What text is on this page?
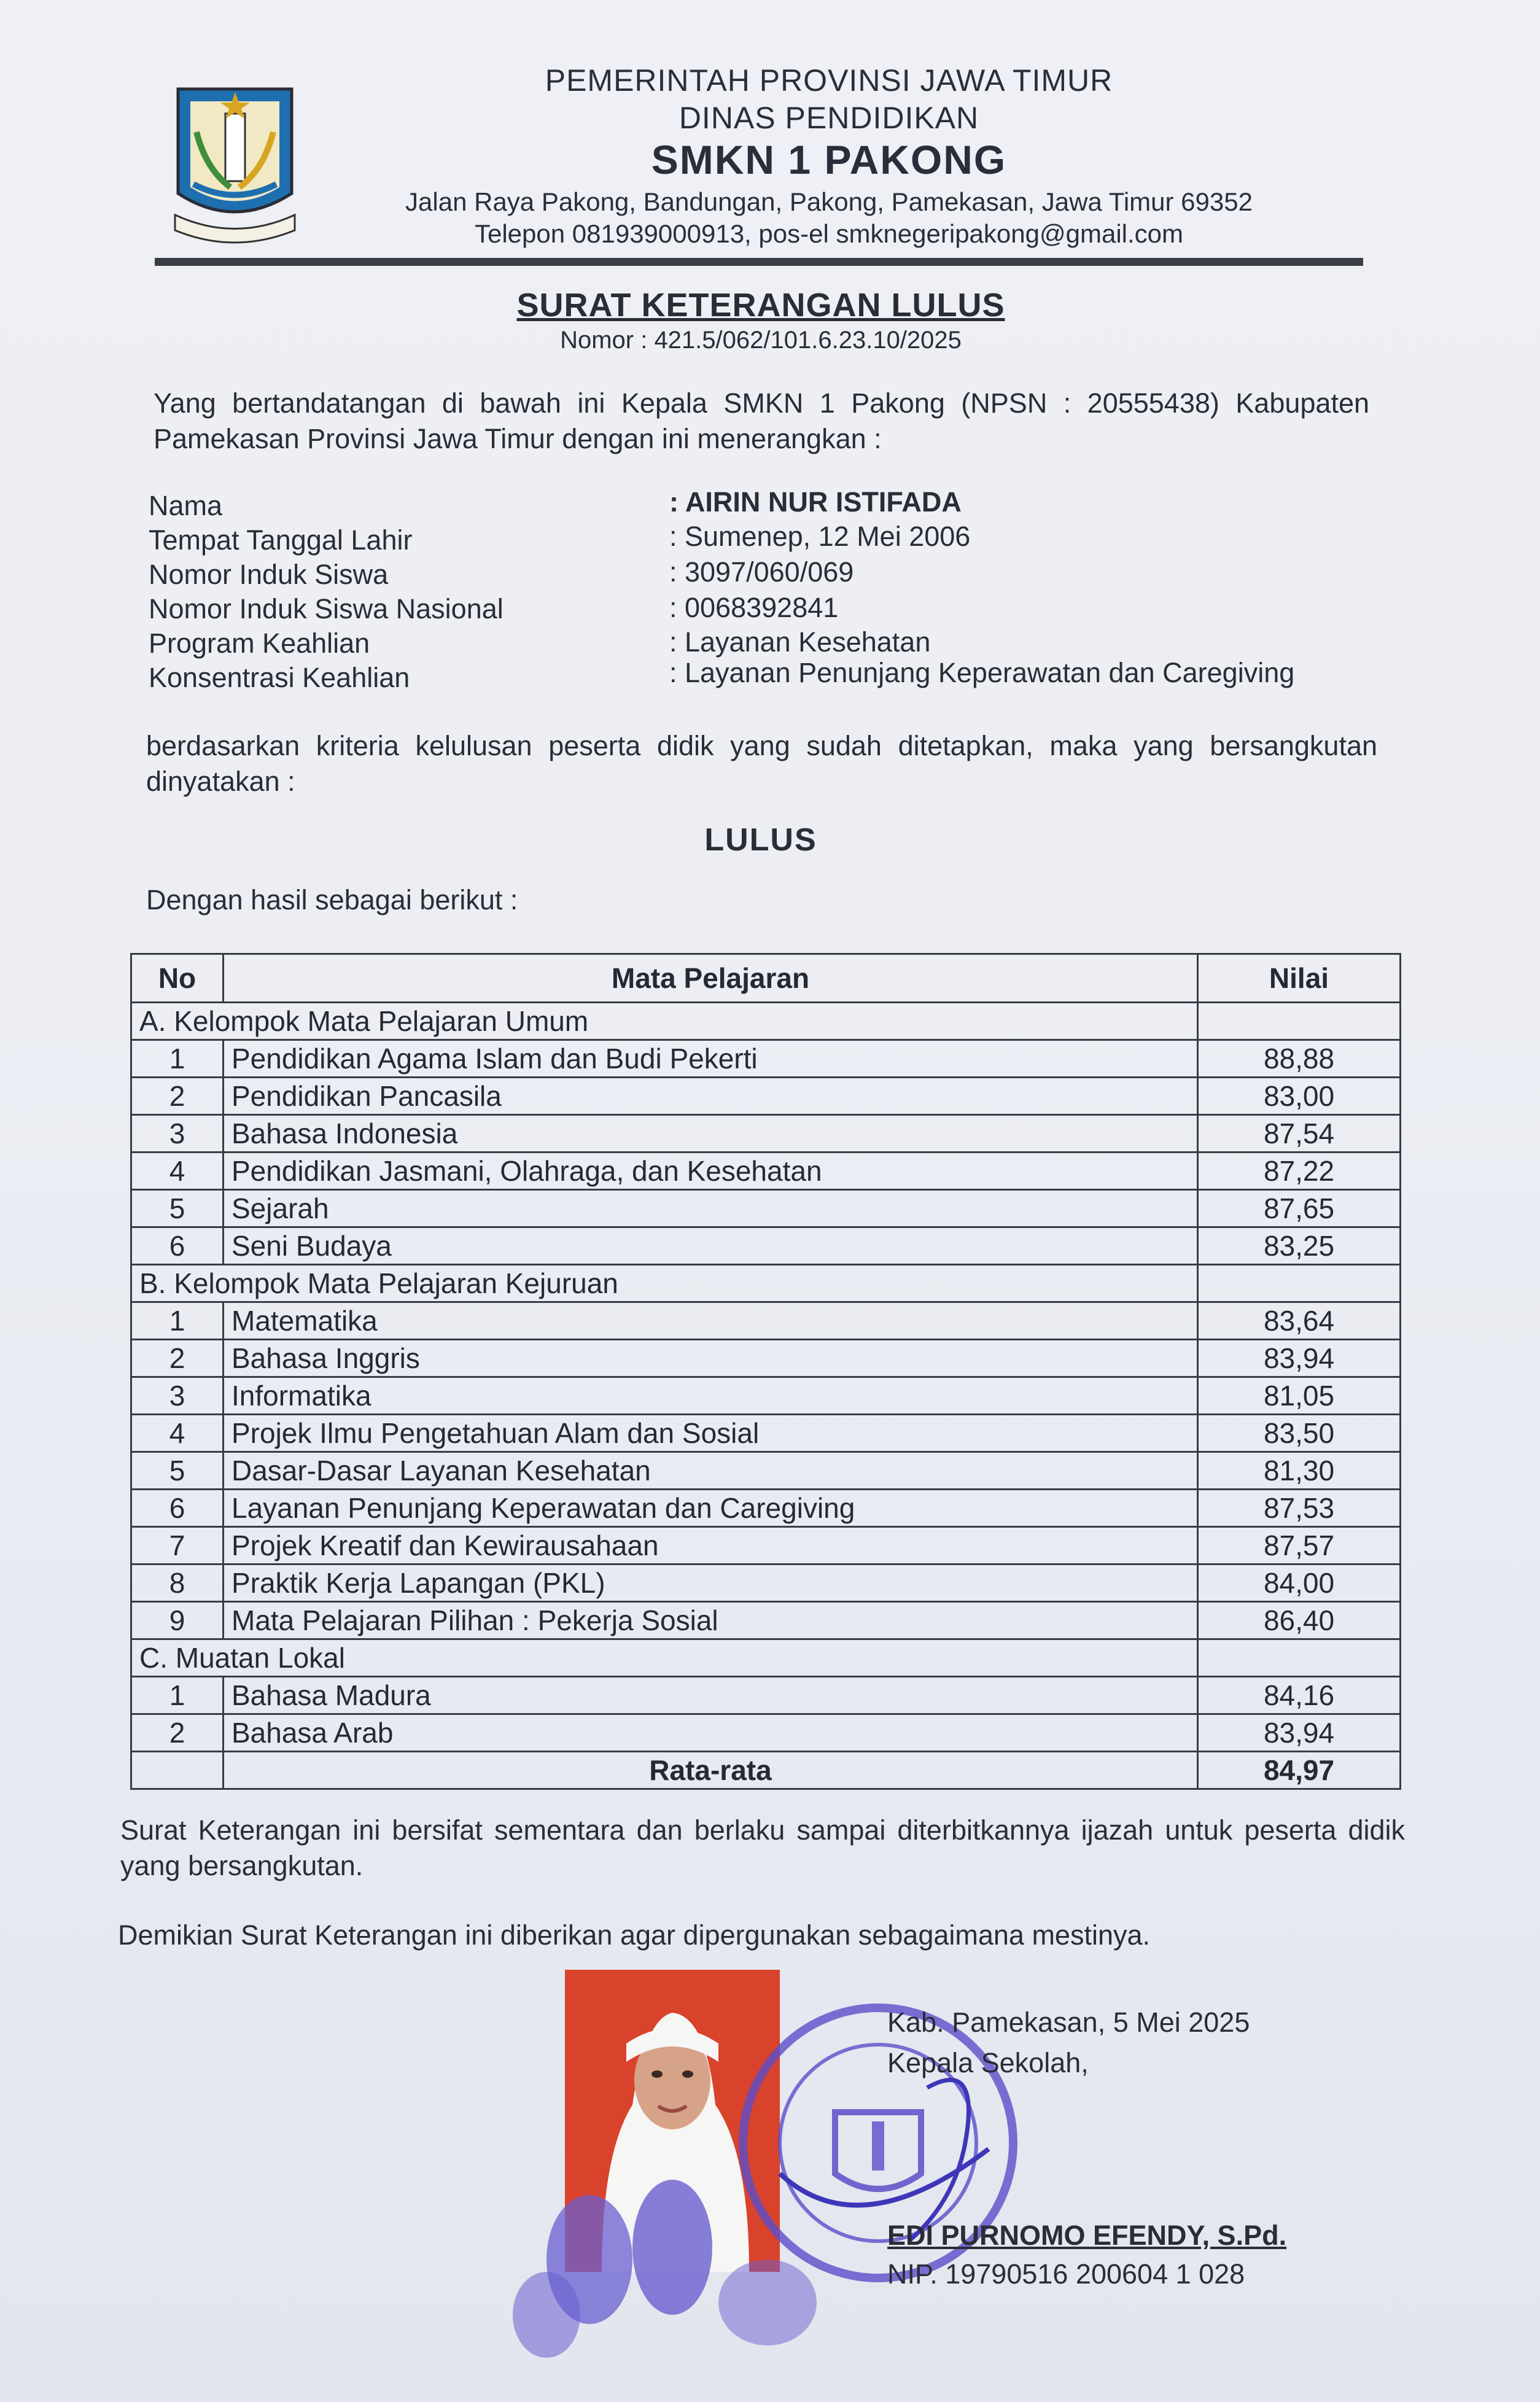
PEMERINTAH PROVINSI JAWA TIMUR
DINAS PENDIDIKAN
SMKN 1 PAKONG
Jalan Raya Pakong, Bandungan, Pakong, Pamekasan, Jawa Timur 69352
Telepon 081939000913, pos-el smknegeripakong@gmail.com
SURAT KETERANGAN LULUS
Nomor : 421.5/062/101.6.23.10/2025
Yang bertandatangan di bawah ini Kepala SMKN 1 Pakong (NPSN : 20555438) Kabupaten Pamekasan Provinsi Jawa Timur dengan ini menerangkan :
Nama	: AIRIN NUR ISTIFADA
Tempat Tanggal Lahir	: Sumenep, 12 Mei 2006
Nomor Induk Siswa	: 3097/060/069
Nomor Induk Siswa Nasional	: 0068392841
Program Keahlian	: Layanan Kesehatan
Konsentrasi Keahlian	: Layanan Penunjang Keperawatan dan Caregiving
berdasarkan kriteria kelulusan peserta didik yang sudah ditetapkan, maka yang bersangkutan dinyatakan :
LULUS
Dengan hasil sebagai berikut :
No	Mata Pelajaran	Nilai
A. Kelompok Mata Pelajaran Umum		
1	Pendidikan Agama Islam dan Budi Pekerti	88,88
2	Pendidikan Pancasila	83,00
3	Bahasa Indonesia	87,54
4	Pendidikan Jasmani, Olahraga, dan Kesehatan	87,22
5	Sejarah	87,65
6	Seni Budaya	83,25
B. Kelompok Mata Pelajaran Kejuruan		
1	Matematika	83,64
2	Bahasa Inggris	83,94
3	Informatika	81,05
4	Projek Ilmu Pengetahuan Alam dan Sosial	83,50
5	Dasar-Dasar Layanan Kesehatan	81,30
6	Layanan Penunjang Keperawatan dan Caregiving	87,53
7	Projek Kreatif dan Kewirausahaan	87,57
8	Praktik Kerja Lapangan (PKL)	84,00
9	Mata Pelajaran Pilihan : Pekerja Sosial	86,40
C. Muatan Lokal		
1	Bahasa Madura	84,16
2	Bahasa Arab	83,94
	Rata-rata	84,97
Surat Keterangan ini bersifat sementara dan berlaku sampai diterbitkannya ijazah untuk peserta didik yang bersangkutan.
Demikian Surat Keterangan ini diberikan agar dipergunakan sebagaimana mestinya.
Kab. Pamekasan, 5 Mei 2025
Kepala Sekolah,
EDI PURNOMO EFENDY, S.Pd.
NIP. 19790516 200604 1 028
